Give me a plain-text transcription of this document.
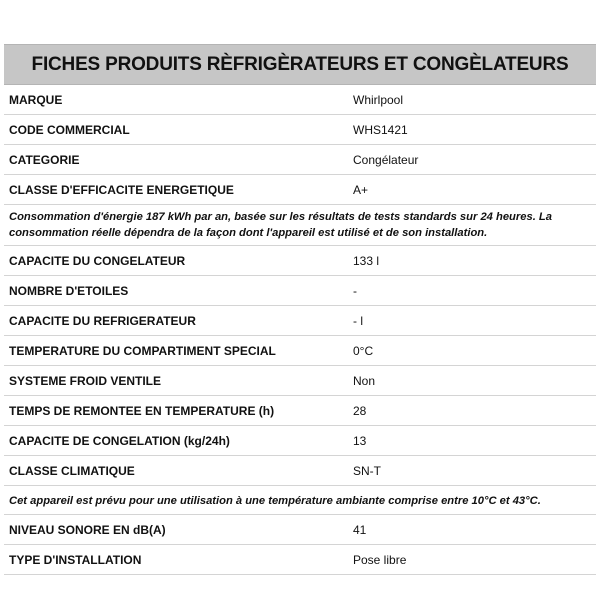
FICHES PRODUITS RÈFRIGÈRATEURS ET CONGÈLATEURS
MARQUE	Whirlpool
CODE COMMERCIAL	WHS1421
CATEGORIE	Congélateur
CLASSE D'EFFICACITE ENERGETIQUE	A+
Consommation d'énergie 187 kWh par an, basée sur les résultats de tests standards sur 24 heures. La consommation réelle dépendra de la façon dont l'appareil est utilisé et de son installation.
CAPACITE DU CONGELATEUR	133 l
NOMBRE D'ETOILES	-
CAPACITE DU REFRIGERATEUR	- l
TEMPERATURE DU COMPARTIMENT SPECIAL	0°C
SYSTEME FROID VENTILE	Non
TEMPS DE REMONTEE EN TEMPERATURE (h)	28
CAPACITE DE CONGELATION (kg/24h)	13
CLASSE CLIMATIQUE	SN-T
Cet appareil est prévu pour une utilisation à une température ambiante comprise entre 10°C et 43°C.
NIVEAU SONORE EN dB(A)	41
TYPE D'INSTALLATION	Pose libre
